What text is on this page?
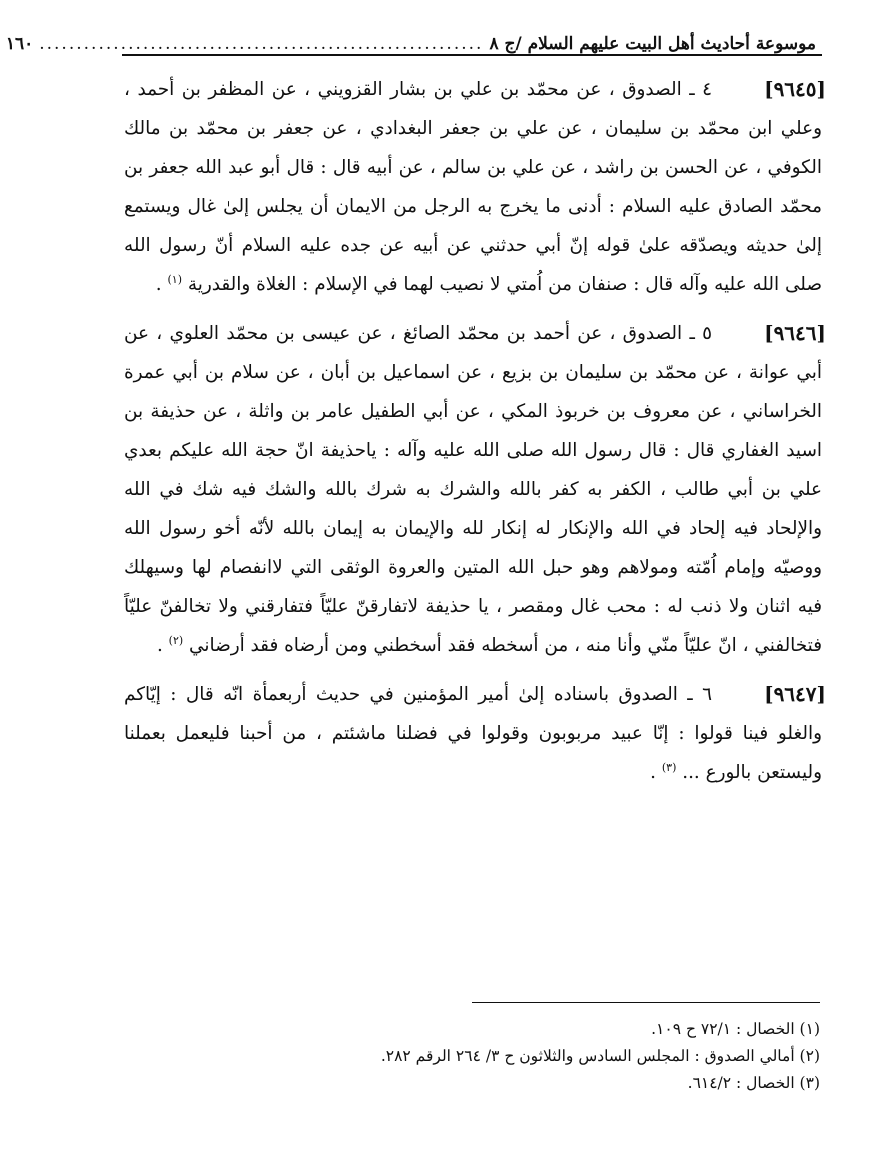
موسوعة أحاديث أهل البيت عليهم السلام /ج ٨
............................................................
١٦٠
[٩٦٤٥]

٤ ـ الصدوق ، عن محمّد بن علي بن بشار القزويني ، عن المظفر بن أحمد ، وعلي ابن محمّد بن سليمان ، عن علي بن جعفر البغدادي ، عن جعفر بن محمّد بن مالك الكوفي ، عن الحسن بن راشد ، عن علي بن سالم ، عن أبيه قال : قال أبو عبد الله جعفر بن محمّد الصادق عليه السلام : أدنى ما يخرج به الرجل من الايمان أن يجلس إلىٰ غال ويستمع إلىٰ حديثه ويصدّقه علىٰ قوله إنّ أبي حدثني عن أبيه عن جده عليه السلام أنّ رسول الله صلى الله عليه وآله قال : صنفان من اُمتي لا نصيب لهما في الإسلام : الغلاة والقدرية $^{(١)}$ .

[٩٦٤٦]

٥ ـ الصدوق ، عن أحمد بن محمّد الصائغ ، عن عيسى بن محمّد العلوي ، عن أبي عوانة ، عن محمّد بن سليمان بن بزيع ، عن اسماعيل بن أبان ، عن سلام بن أبي عمرة الخراساني ، عن معروف بن خربوذ المكي ، عن أبي الطفيل عامر بن واثلة ، عن حذيفة بن اسيد الغفاري قال : قال رسول الله صلى الله عليه وآله : ياحذيفة انّ حجة الله عليكم بعدي علي بن أبي طالب ، الكفر به كفر بالله والشرك به شرك بالله والشك فيه شك في الله والإلحاد فيه إلحاد في الله والإنكار له إنكار لله والإيمان به إيمان بالله لأنّه أخو رسول الله ووصيّه وإمام اُمّته ومولاهم وهو حبل الله المتين والعروة الوثقى التي لاانفصام لها وسيهلك فيه اثنان ولا ذنب له : محب غال ومقصر ، يا حذيفة لاتفارقنّ عليّاً فتفارقني ولا تخالفنّ عليّاً فتخالفني ، انّ عليّاً منّي وأنا منه ، من أسخطه فقد أسخطني ومن أرضاه فقد أرضاني $^{(٢)}$ .

[٩٦٤٧]

٦ ـ الصدوق باسناده إلىٰ أمير المؤمنين في حديث أربعمأة انّه قال : إيّاكم والغلو فينا قولوا : إنّا عبيد مربوبون وقولوا في فضلنا ماشئتم ، من أحبنا فليعمل بعملنا وليستعن بالورع ... $^{(٣)}$ .

(١) الخصال : ٧٢/١ ح ١٠٩.
(٢) أمالي الصدوق : المجلس السادس والثلاثون ح ٣/ ٢٦٤ الرقم ٢٨٢.
(٣) الخصال : ٦١٤/٢.
